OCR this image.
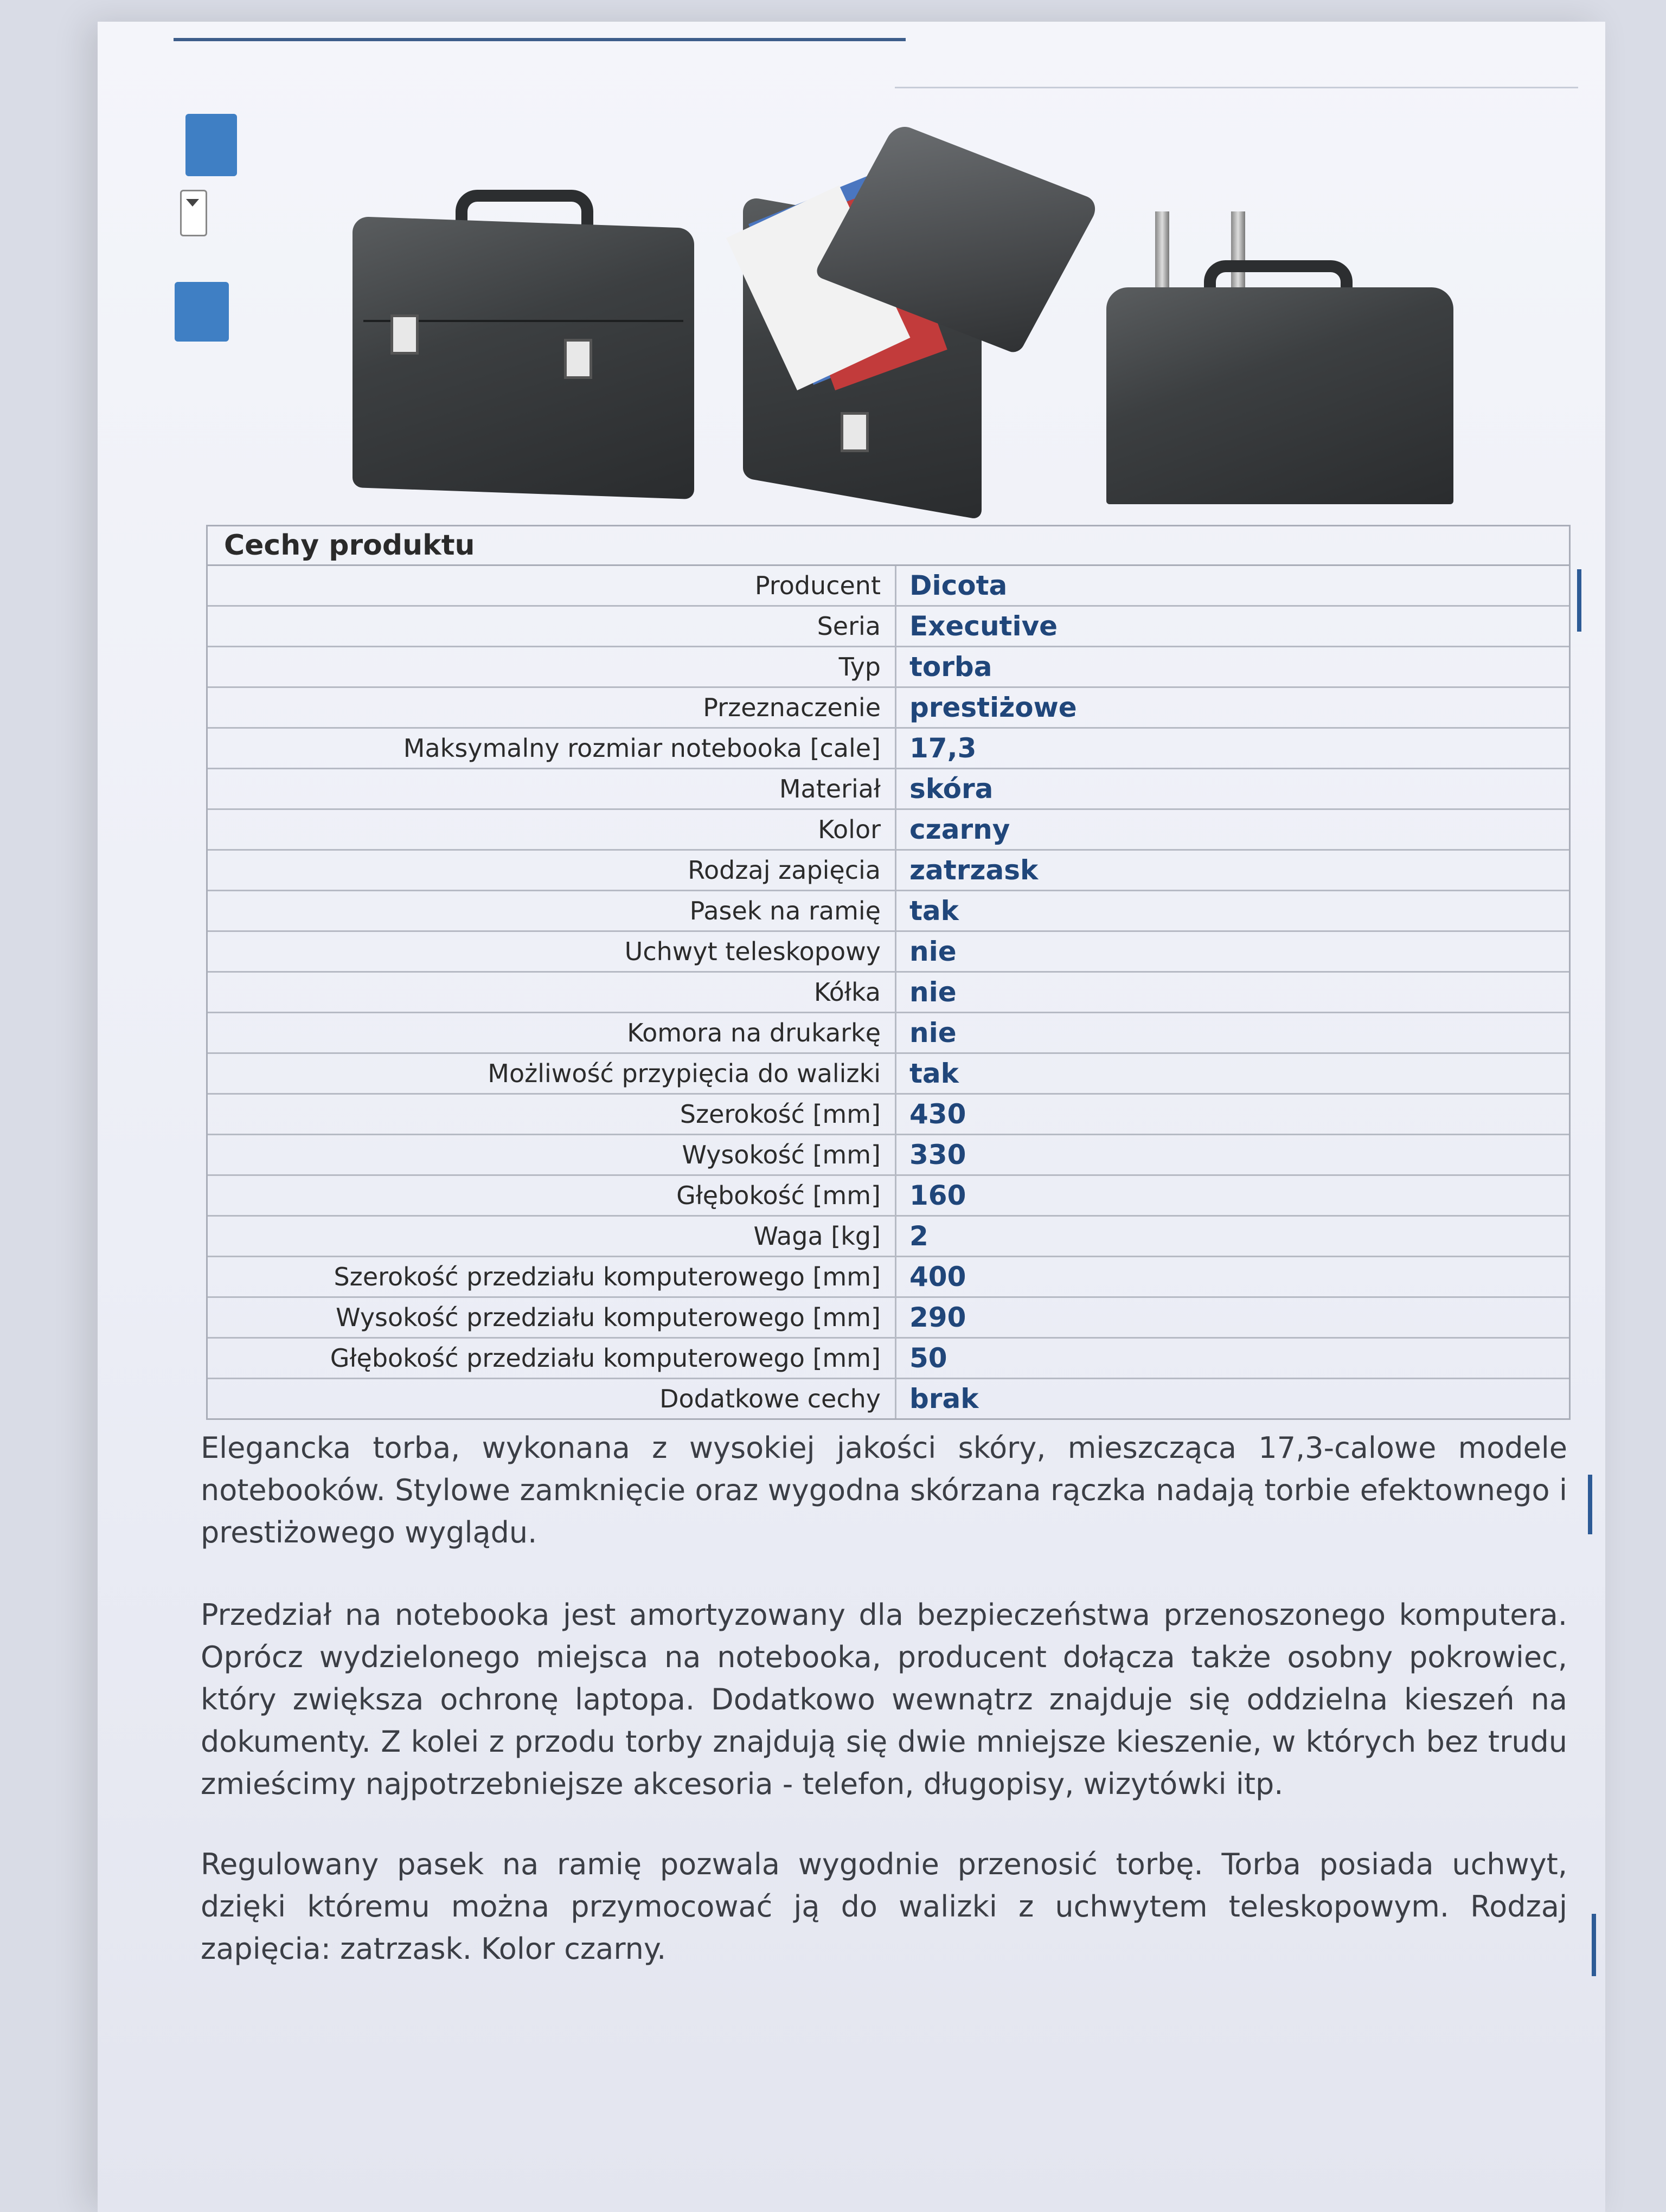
Cechy produktu
Producent	Dicota
Seria	Executive
Typ	torba
Przeznaczenie	prestiżowe
Maksymalny rozmiar notebooka [cale]	17,3
Materiał	skóra
Kolor	czarny
Rodzaj zapięcia	zatrzask
Pasek na ramię	tak
Uchwyt teleskopowy	nie
Kółka	nie
Komora na drukarkę	nie
Możliwość przypięcia do walizki	tak
Szerokość [mm]	430
Wysokość [mm]	330
Głębokość [mm]	160
Waga [kg]	2
Szerokość przedziału komputerowego [mm]	400
Wysokość przedziału komputerowego [mm]	290
Głębokość przedziału komputerowego [mm]	50
Dodatkowe cechy	brak

Elegancka torba, wykonana z wysokiej jakości skóry, mieszcząca 17,3-calowe modele notebooków. Stylowe zamknięcie oraz wygodna skórzana rączka nadają torbie efektownego i prestiżowego wyglądu.

Przedział na notebooka jest amortyzowany dla bezpieczeństwa przenoszonego komputera. Oprócz wydzielonego miejsca na notebooka, producent dołącza także osobny pokrowiec, który zwiększa ochronę laptopa. Dodatkowo wewnątrz znajduje się oddzielna kieszeń na dokumenty. Z kolei z przodu torby znajdują się dwie mniejsze kieszenie, w których bez trudu zmieścimy najpotrzebniejsze akcesoria - telefon, długopisy, wizytówki itp.

Regulowany pasek na ramię pozwala wygodnie przenosić torbę. Torba posiada uchwyt, dzięki któremu można przymocować ją do walizki z uchwytem teleskopowym. Rodzaj zapięcia: zatrzask. Kolor czarny.
